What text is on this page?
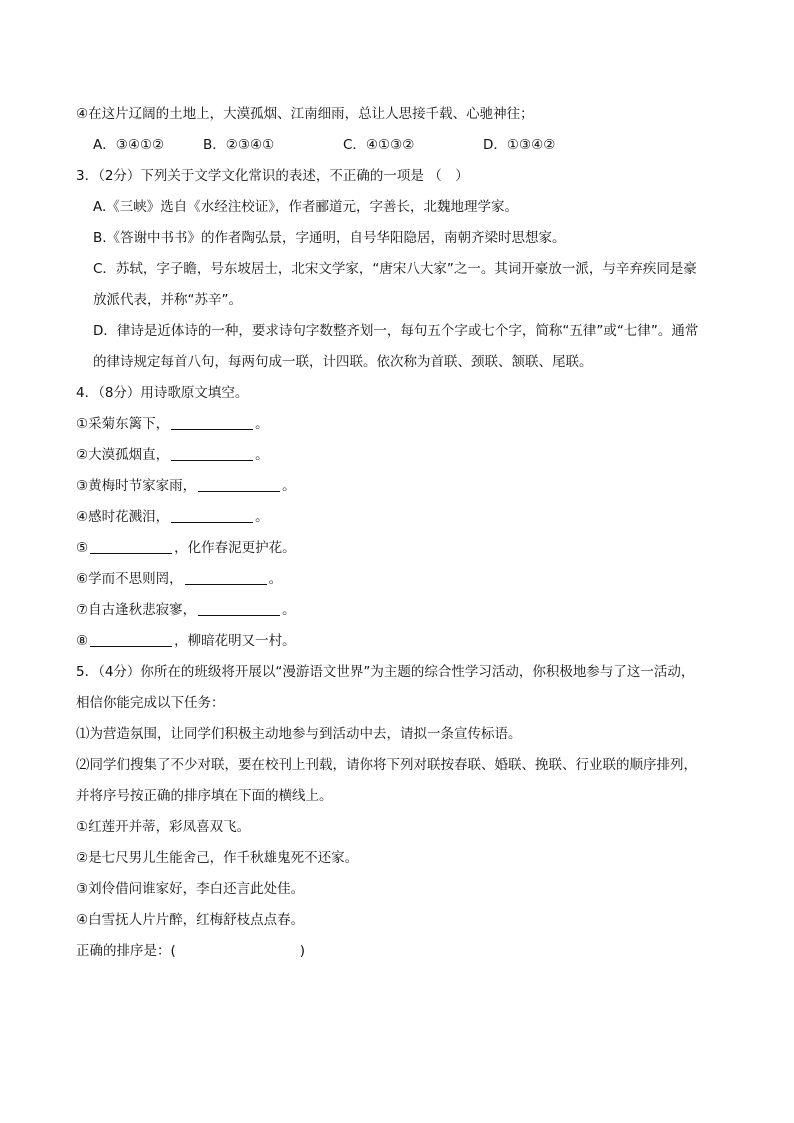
④在这片辽阔的土地上，大漠孤烟、江南细雨，总让人思接千载、心驰神往；
A．③④①②	B．②③④①	C．④①③②	D．①③④②
3．（2分）下列关于文学文化常识的表述，不正确的一项是 （　）
A.《三峡》选自《水经注校证》，作者郦道元，字善长，北魏地理学家。
B.《答谢中书书》的作者陶弘景，字通明，自号华阳隐居，南朝齐梁时思想家。
C．苏轼，字子瞻，号东坡居士，北宋文学家，“唐宋八大家”之一。其词开豪放一派，与辛弃疾同是豪
放派代表，并称“苏辛”。
D．律诗是近体诗的一种，要求诗句字数整齐划一，每句五个字或七个字，简称“五律”或“七律”。通常
的律诗规定每首八句，每两句成一联，计四联。依次称为首联、颈联、颔联、尾联。
4．（8分）用诗歌原文填空。
①采菊东篱下，	。
②大漠孤烟直，	。
③黄梅时节家家雨，	。
④感时花溅泪，	。
⑤	，化作春泥更护花。
⑥学而不思则罔，	。
⑦自古逢秋悲寂寥，	。
⑧	，柳暗花明又一村。
5．（4分）你所在的班级将开展以“漫游语文世界”为主题的综合性学习活动，你积极地参与了这一活动，
相信你能完成以下任务：
⑴为营造氛围，让同学们积极主动地参与到活动中去，请拟一条宣传标语。
⑵同学们搜集了不少对联，要在校刊上刊载，请你将下列对联按春联、婚联、挽联、行业联的顺序排列，
并将序号按正确的排序填在下面的横线上。
①红莲开并蒂，彩凤喜双飞。
②是七尺男儿生能舍己，作千秋雄鬼死不还家。
③刘伶借问谁家好，李白还言此处佳。
④白雪抚人片片醉，红梅舒枝点点春。
正确的排序是：(	)
